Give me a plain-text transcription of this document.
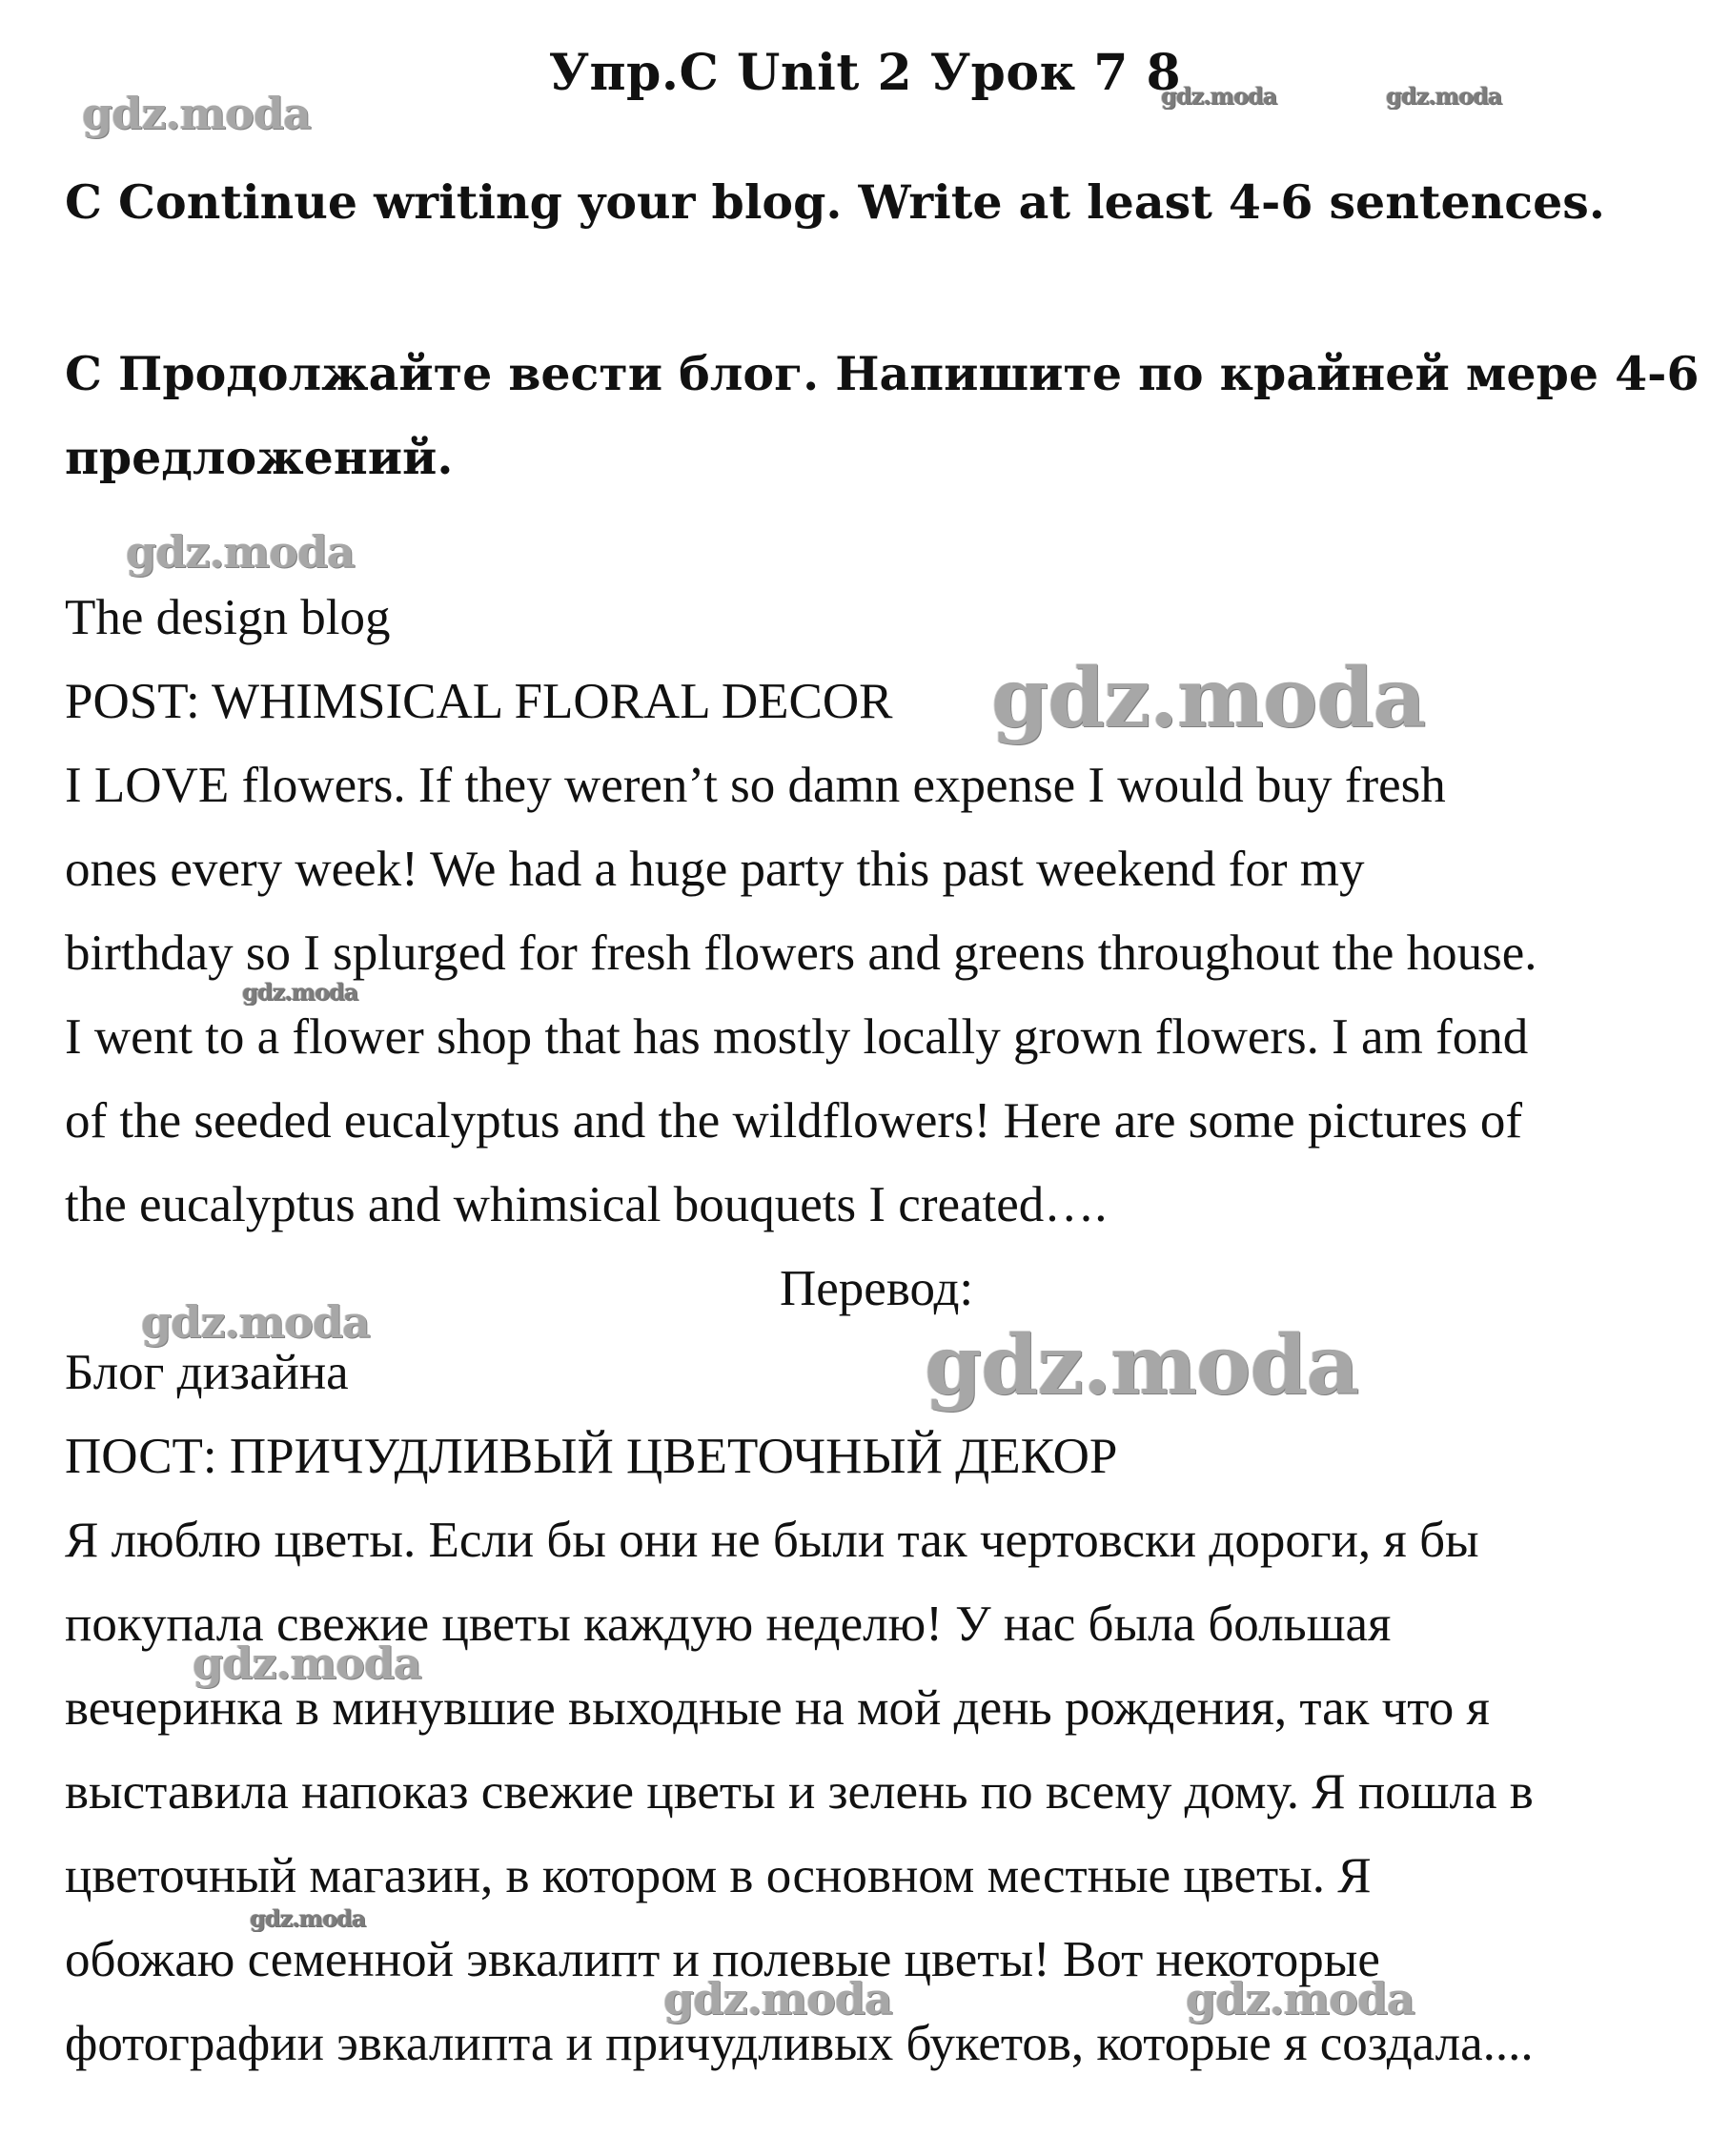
Упр.С Unit 2 Урок 7 8
C Continue writing your blog. Write at least 4-6 sentences.
С Продолжайте вести блог. Напишите по крайней мере 4-6
предложений.
The design blog
POST: WHIMSICAL FLORAL DECOR
I LOVE flowers. If they weren’t so damn expense I would buy fresh
ones every week! We had a huge party this past weekend for my
birthday so I splurged for fresh flowers and greens throughout the house.
I went to a flower shop that has mostly locally grown flowers. I am fond
of the seeded eucalyptus and the wildflowers! Here are some pictures of
the eucalyptus and whimsical bouquets I created….
Перевод:
Блог дизайна
ПОСТ: ПРИЧУДЛИВЫЙ ЦВЕТОЧНЫЙ ДЕКОР
Я люблю цветы. Если бы они не были так чертовски дороги, я бы
покупала свежие цветы каждую неделю! У нас была большая
вечеринка в минувшие выходные на мой день рождения, так что я
выставила напоказ свежие цветы и зелень по всему дому. Я пошла в
цветочный магазин, в котором в основном местные цветы. Я
обожаю семенной эвкалипт и полевые цветы! Вот некоторые
фотографии эвкалипта и причудливых букетов, которые я создала....
gdz.moda	gdz.moda	gdz.moda
gdz.moda
gdz.moda
gdz.moda
gdz.moda	gdz.moda
gdz.moda
gdz.moda
gdz.moda	gdz.moda
